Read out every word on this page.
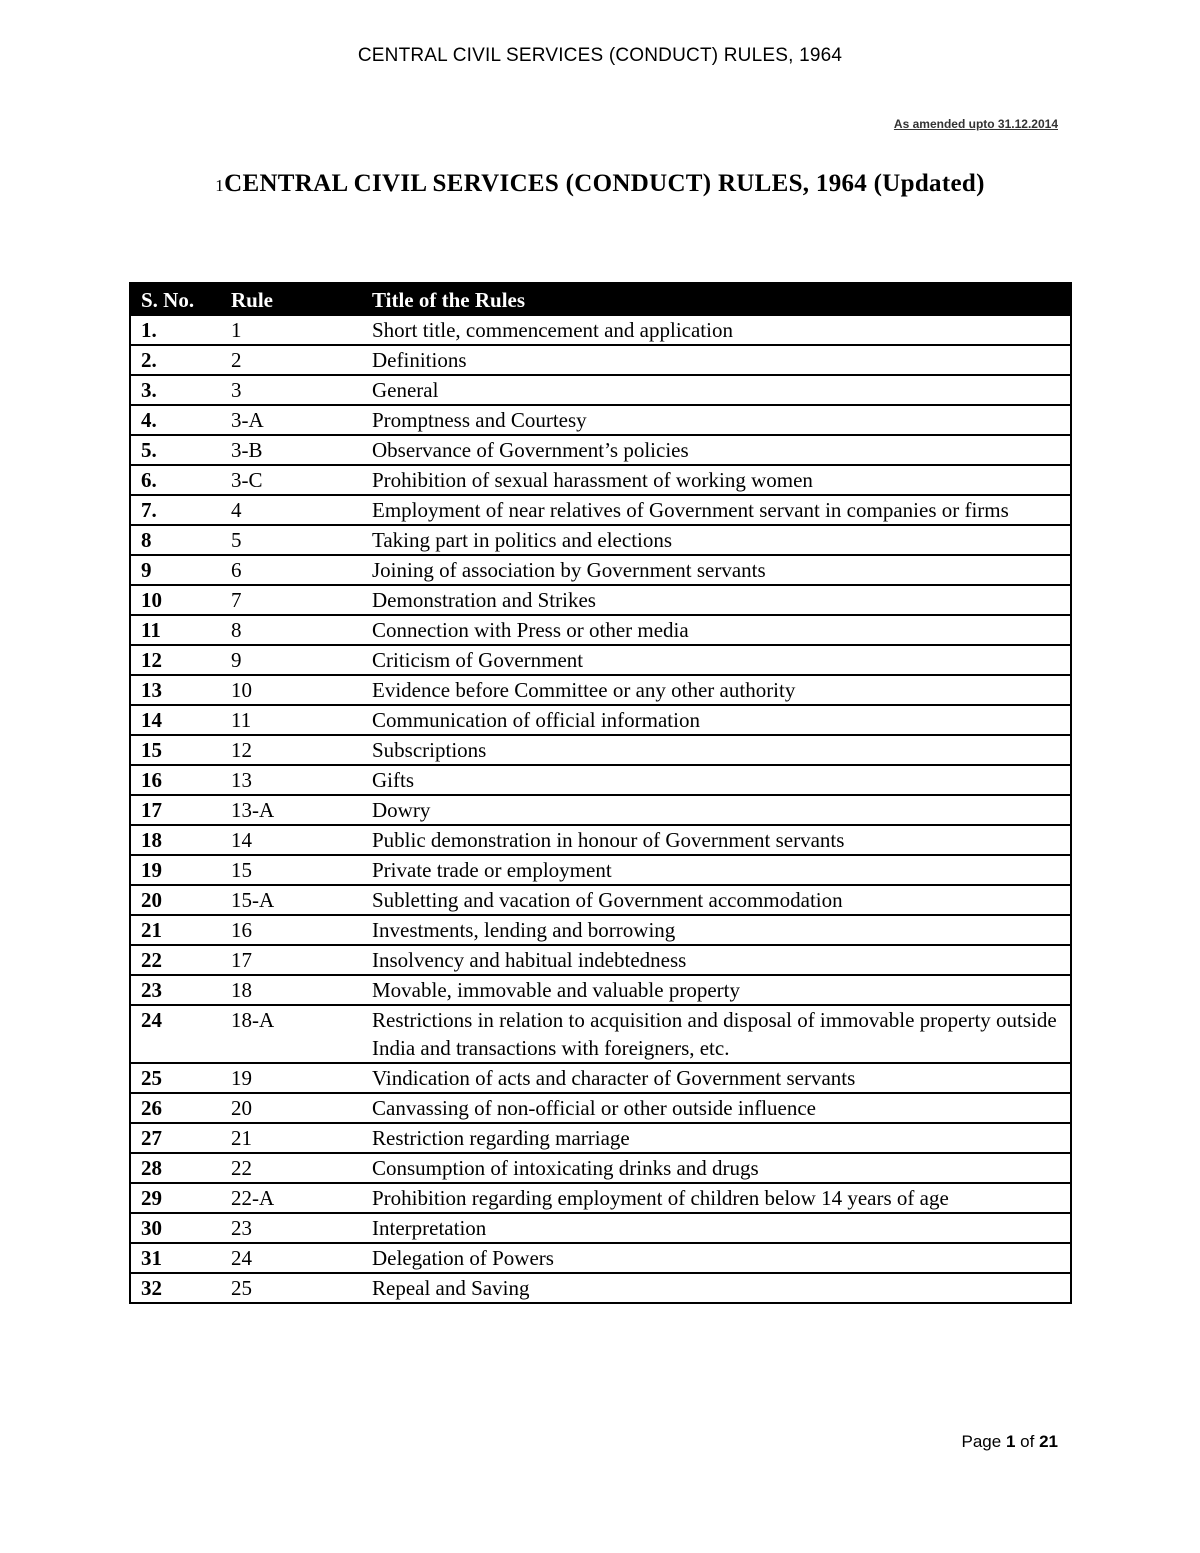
CENTRAL CIVIL SERVICES (CONDUCT) RULES, 1964
As amended upto 31.12.2014
1CENTRAL CIVIL SERVICES (CONDUCT) RULES, 1964 (Updated)
S. No.	Rule	Title of the Rules
1.	1	Short title, commencement and application
2.	2	Definitions
3.	3	General
4.	3-A	Promptness and Courtesy
5.	3-B	Observance of Government’s policies
6.	3-C	Prohibition of sexual harassment of working women
7.	4	Employment of near relatives of Government servant in companies or firms
8	5	Taking part in politics and elections
9	6	Joining of association by Government servants
10	7	Demonstration and Strikes
11	8	Connection with Press or other media
12	9	Criticism of Government
13	10	Evidence before Committee or any other authority
14	11	Communication of official information
15	12	Subscriptions
16	13	Gifts
17	13-A	Dowry
18	14	Public demonstration in honour of Government servants
19	15	Private trade or employment
20	15-A	Subletting and vacation of Government accommodation
21	16	Investments, lending and borrowing
22	17	Insolvency and habitual indebtedness
23	18	Movable, immovable and valuable property
24	18-A	Restrictions in relation to acquisition and disposal of immovable property outside India and transactions with foreigners, etc.
25	19	Vindication of acts and character of Government servants
26	20	Canvassing of non-official or other outside influence
27	21	Restriction regarding marriage
28	22	Consumption of intoxicating drinks and drugs
29	22-A	Prohibition regarding employment of children below 14 years of age
30	23	Interpretation
31	24	Delegation of Powers
32	25	Repeal and Saving
Page 1 of 21
